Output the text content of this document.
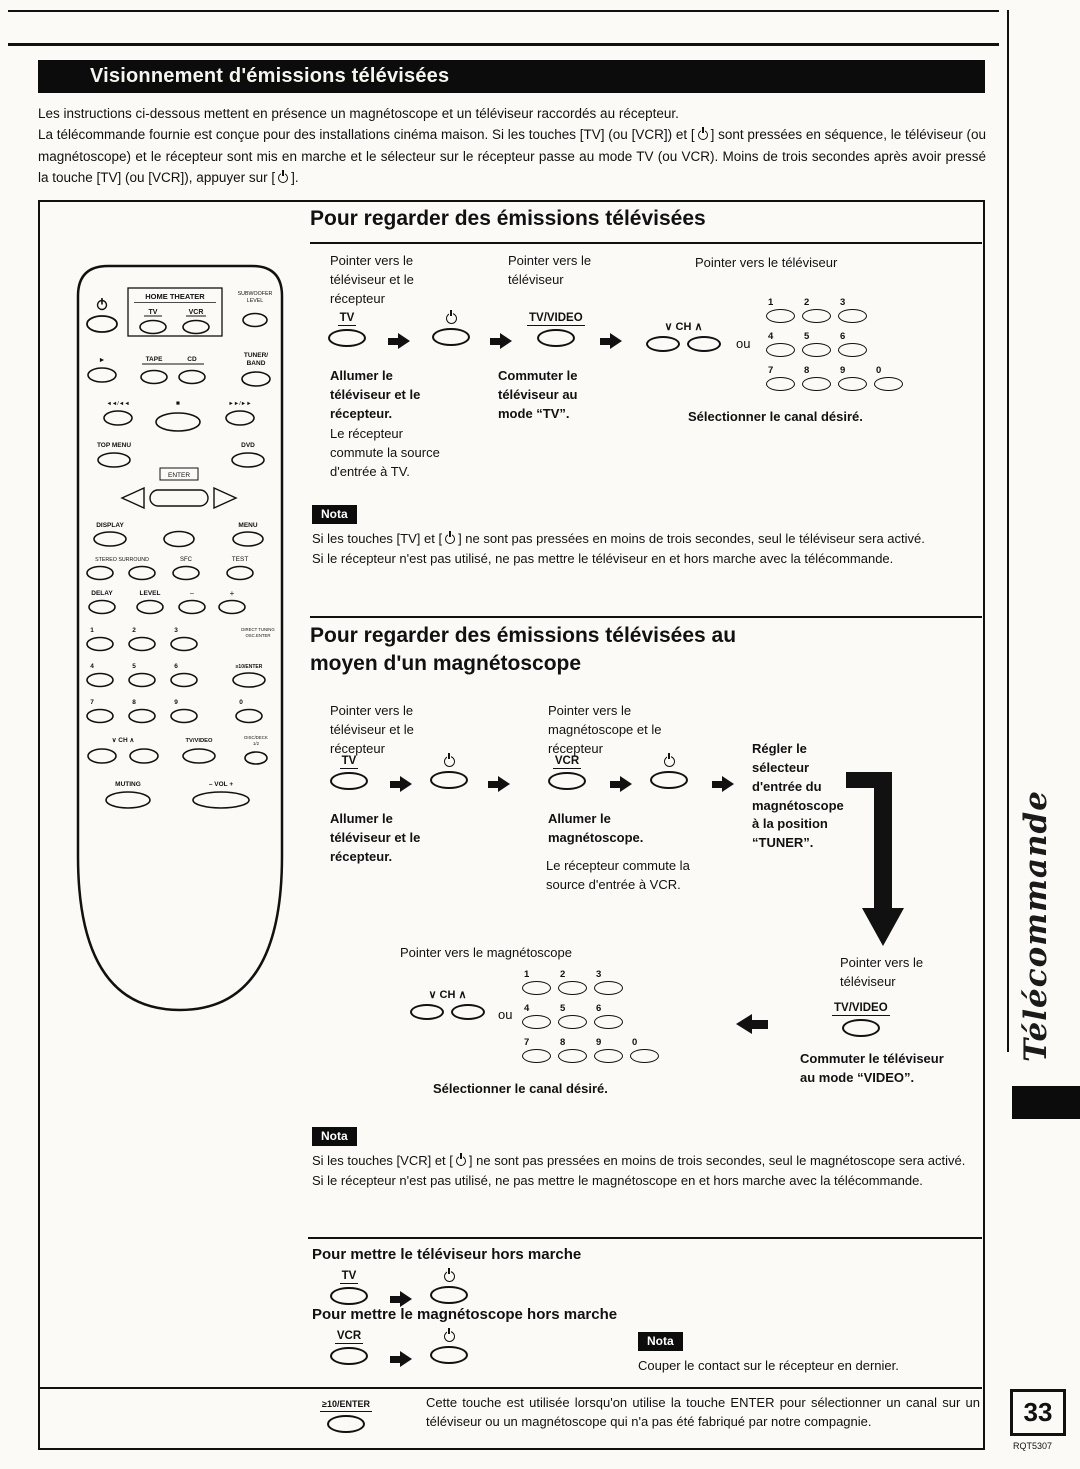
Visionnement d'émissions télévisées

Les instructions ci-dessous mettent en présence un magnétoscope et un téléviseur raccordés au récepteur.

La télécommande fournie est conçue pour des installations cinéma maison. Si les touches [TV] (ou [VCR]) et [ ] sont pressées en séquence, le téléviseur (ou magnétoscope) et le récepteur sont mis en marche et le sélecteur sur le récepteur passe au mode TV (ou VCR). Moins de trois secondes après avoir pressé la touche [TV] (ou [VCR]), appuyer sur [ ].

HOME THEATER
TV	VCR
SUBWOOFER
LEVEL
►	TAPE	CD
TUNER/
BAND
◄◄/◄◄	■	►►/►►
TOP MENU	DVD
ENTER
DISPLAY	MENU
STEREO SURROUND	SFC	TEST
DELAY	LEVEL	–	+
1	2	3	DIRECT TUNING
OSC.ENTER
4	5	6	≥10/ENTER
7	8	9	0
∨ CH ∧	TV/VIDEO
DISC/DECK
1/2
MUTING	– VOL +
Pour regarder des émissions télévisées
Pointer vers le téléviseur et le récepteur
Pointer vers le téléviseur
Pointer vers le téléviseur
TV	TV/VIDEO
∨ CH ∧
ou
1	2	3
4	5	6
7	8	9	0
Allumer le téléviseur et le récepteur.
Le récepteur commute la source d'entrée à TV.
Commuter le téléviseur au mode “TV”.	Sélectionner le canal désiré.
Nota

Si les touches [TV] et [ ] ne sont pas pressées en moins de trois secondes, seul le téléviseur sera activé.

Si le récepteur n'est pas utilisé, ne pas mettre le téléviseur en et hors marche avec la télécommande.

Pour regarder des émissions télévisées au
moyen d'un magnétoscope
Pointer vers le téléviseur et le récepteur
Pointer vers le magnétoscope et le récepteur	Régler le sélecteur d'entrée du magnétoscope à la position “TUNER”.
TV	VCR
Allumer le téléviseur et le récepteur.
Allumer le magnétoscope.
Le récepteur commute la source d'entrée à VCR.
Pointer vers le magnétoscope
∨ CH ∧
ou
1	2	3
4	5	6
7	8	9	0
Sélectionner le canal désiré.
Pointer vers le téléviseur
TV/VIDEO
Commuter le téléviseur au mode “VIDEO”.
Nota

Si les touches [VCR] et [ ] ne sont pas pressées en moins de trois secondes, seul le magnétoscope sera activé.

Si le récepteur n'est pas utilisé, ne pas mettre le magnétoscope en et hors marche avec la télécommande.

Pour mettre le téléviseur hors marche
TV
Pour mettre le magnétoscope hors marche
VCR	Nota
Couper le contact sur le récepteur en dernier.
≥10/ENTER	Cette touche est utilisée lorsqu'on utilise la touche ENTER pour sélectionner un canal sur un téléviseur ou un magnétoscope qui n'a pas été fabriqué par notre compagnie.
Télécommande
33
RQT5307
